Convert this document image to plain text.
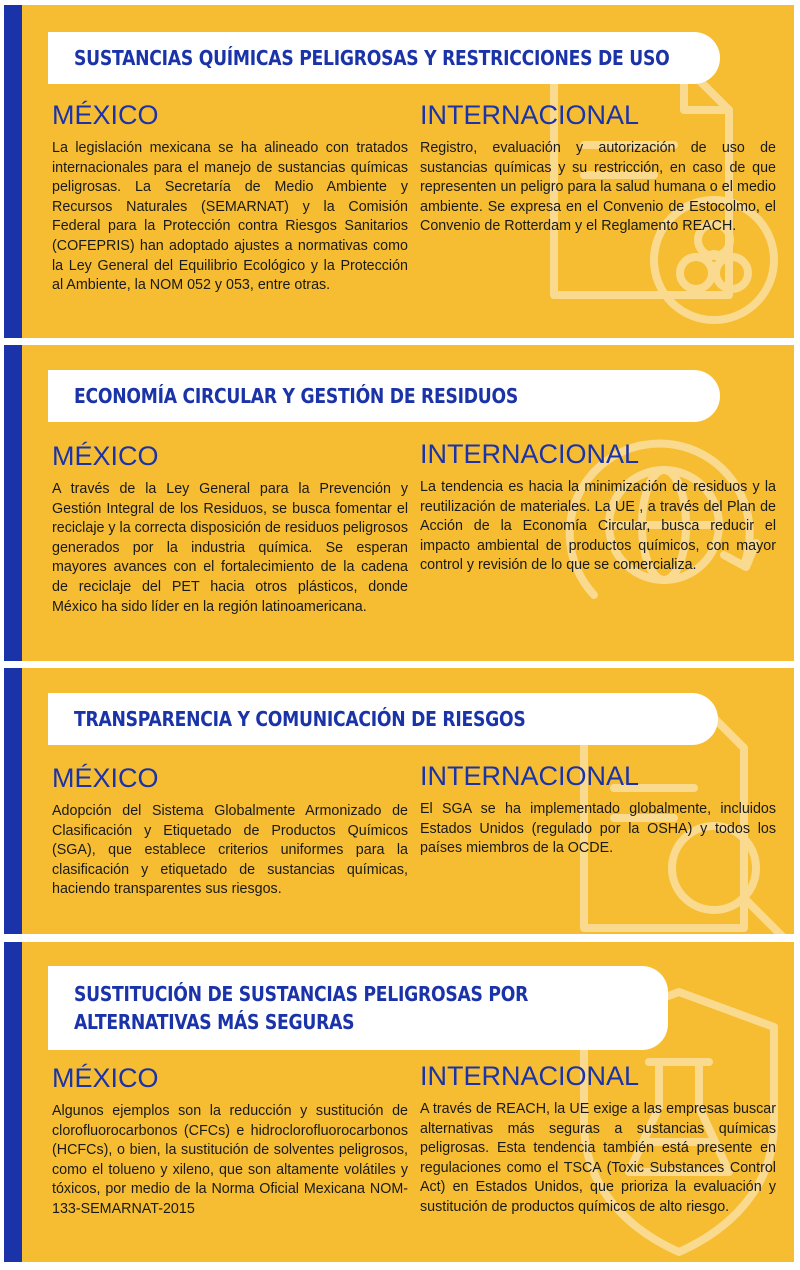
SUSTANCIAS QUÍMICAS PELIGROSAS Y RESTRICCIONES DE USO
MÉXICO

La legislación mexicana se ha alineado con tratados internacionales para el manejo de sustancias químicas peligrosas. La Secretaría de Medio Ambiente y Recursos Naturales (SEMARNAT) y la Comisión Federal para la Protección contra Riesgos Sanitarios (COFEPRIS) han adoptado ajustes a normativas como la Ley General del Equilibrio Ecológico y la Protección al Ambiente, la NOM 052 y 053, entre otras.

INTERNACIONAL

Registro, evaluación y autorización de uso de sustancias químicas y su restricción, en caso de que representen un peligro para la salud humana o el medio ambiente. Se expresa en el Convenio de Estocolmo, el Convenio de Rotterdam y el Reglamento REACH.

ECONOMÍA CIRCULAR Y GESTIÓN DE RESIDUOS
MÉXICO

A través de la Ley General para la Prevención y Gestión Integral de los Residuos, se busca fomentar el reciclaje y la correcta disposición de residuos peligrosos generados por la industria química. Se esperan mayores avances con el fortalecimiento de la cadena de reciclaje del PET hacia otros plásticos, donde México ha sido líder en la región latinoamericana.

INTERNACIONAL

La tendencia es hacia la minimización de residuos y la reutilización de materiales. La UE , a través del Plan de Acción de la Economía Circular, busca reducir el impacto ambiental de productos químicos, con mayor control y revisión de lo que se comercializa.

TRANSPARENCIA Y COMUNICACIÓN DE RIESGOS
MÉXICO

Adopción del Sistema Globalmente Armonizado de Clasificación y Etiquetado de Productos Químicos (SGA), que establece criterios uniformes para la clasificación y etiquetado de sustancias químicas, haciendo transparentes sus riesgos.

INTERNACIONAL

El SGA se ha implementado globalmente, incluidos Estados Unidos (regulado por la OSHA) y todos los países miembros de la OCDE.

SUSTITUCIÓN DE SUSTANCIAS PELIGROSAS POR
ALTERNATIVAS MÁS SEGURAS
MÉXICO

Algunos ejemplos son la reducción y sustitución de clorofluorocarbonos (CFCs) e hidroclorofluorocarbonos (HCFCs), o bien, la sustitución de solventes peligrosos, como el tolueno y xileno, que son altamente volátiles y tóxicos, por medio de la Norma Oficial Mexicana NOM-133-SEMARNAT-2015

INTERNACIONAL

A través de REACH, la UE exige a las empresas buscar alternativas más seguras a sustancias químicas peligrosas. Esta tendencia también está presente en regulaciones como el TSCA (Toxic Substances Control Act) en Estados Unidos, que prioriza la evaluación y sustitución de productos químicos de alto riesgo.
